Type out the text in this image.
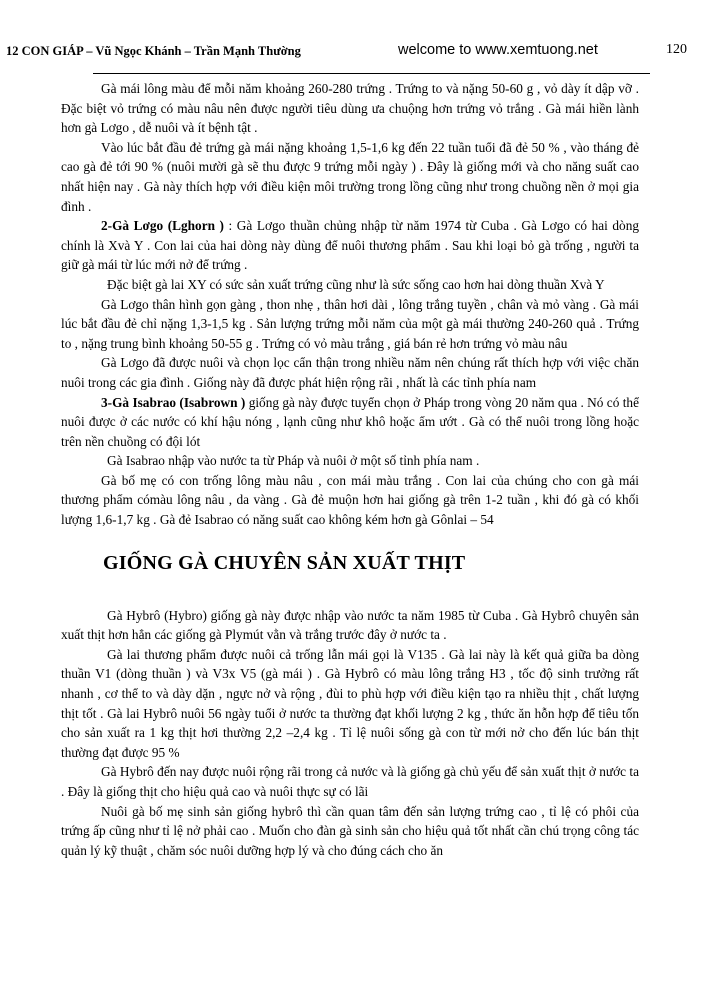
12 CON GIÁP – Vũ Ngọc Khánh – Trần Mạnh Thường	welcome to www.xemtuong.net	120

Gà mái lông màu để mỗi năm khoảng 260-280 trứng . Trứng to và nặng 50-60 g , vỏ dày ít dập vỡ . Đặc biệt vỏ trứng có màu nâu nên được người tiêu dùng ưa chuộng hơn trứng vỏ trắng . Gà mái hiền lành hơn gà Lơgo , dễ nuôi và ít bệnh tật .

Vào lúc bắt đầu đẻ trứng gà mái nặng khoảng 1,5-1,6 kg đến 22 tuần tuổi đã đẻ 50 % , vào tháng đẻ cao gà đẻ tới 90 % (nuôi mười gà sẽ thu được 9 trứng mỗi ngày ) . Đây là giống mới và cho năng suất cao nhất hiện nay . Gà này thích hợp với điều kiện môi trường trong lồng cũng như trong chuồng nền ở mọi gia đình .

2-Gà Lơgo (Lghorn ) : Gà Lơgo thuần chủng nhập từ năm 1974 từ Cuba . Gà Lơgo có hai dòng chính là Xvà Y . Con lai của hai dòng này dùng để nuôi thương phẩm . Sau khi loại bỏ gà trống , người ta giữ gà mái từ lúc mới nở để trứng .

Đặc biệt gà lai XY có sức sản xuất trứng cũng như là sức sống cao hơn hai dòng thuần Xvà Y

Gà Lơgo thân hình gọn gàng , thon nhẹ , thân hơi dài , lông trắng tuyền , chân và mỏ vàng . Gà mái lúc bắt đầu đẻ chỉ nặng 1,3-1,5 kg . Sản lượng trứng mỗi năm của một gà mái thường 240-260 quả . Trứng to , nặng trung bình khoảng 50-55 g . Trứng có vỏ màu trắng , giá bán rẻ hơn trứng vỏ màu nâu

Gà Lơgo đã được nuôi và chọn lọc cẩn thận trong nhiều năm nên chúng rất thích hợp với việc chăn nuôi trong các gia đình . Giống này đã được phát hiện rộng rãi , nhất là các tỉnh phía nam

3-Gà Isabrao (Isabrown ) giống gà này được tuyển chọn ở Pháp trong vòng 20 năm qua . Nó có thể nuôi được ở các nước có khí hậu nóng , lạnh cũng như khô hoặc ẩm ướt . Gà có thể nuôi trong lồng hoặc trên nền chuồng có đội lót

Gà Isabrao nhập vào nước ta từ Pháp và nuôi ở một số tỉnh phía nam .

Gà bố mẹ có con trống lông màu nâu , con mái màu trắng . Con lai của chúng cho con gà mái thương phẩm cómàu lông nâu , da vàng . Gà đẻ muộn hơn hai giống gà trên 1-2 tuần , khi đó gà có khối lượng 1,6-1,7 kg . Gà đẻ Isabrao có năng suất cao không kém hơn gà Gônlai – 54

GIỐNG GÀ CHUYÊN SẢN XUẤT THỊT

Gà Hybrô (Hybro) giống gà này được nhập vào nước ta năm 1985 từ Cuba . Gà Hybrô chuyên sản xuất thịt hơn hẳn các giống gà Plymút vằn và trắng trước đây ở nước ta .

Gà lai thương phẩm được nuôi cả trống lẫn mái gọi là V135 . Gà lai này là kết quả giữa ba dòng thuần V1 (dòng thuần ) và V3x V5 (gà mái ) . Gà Hybrô có màu lông trắng H3 , tốc độ sinh trưởng rất nhanh , cơ thể to và dày dặn , ngực nở và rộng , đùi to phù hợp với điều kiện tạo ra nhiều thịt , chất lượng thịt tốt . Gà lai Hybrô nuôi 56 ngày tuổi ở nước ta thường đạt khối lượng 2 kg , thức ăn hỗn hợp để tiêu tốn cho sản xuất ra 1 kg thịt hơi thường 2,2 –2,4 kg . Tỉ lệ nuôi sống gà con từ mới nở cho đến lúc bán thịt thường đạt được 95 %

Gà Hybrô đến nay được nuôi rộng rãi trong cả nước và là giống gà chủ yếu để sản xuất thịt ở nước ta . Đây là giống thịt cho hiệu quả cao và nuôi thực sự có lãi

Nuôi gà bố mẹ sinh sản giống hybrô thì cần quan tâm đến sản lượng trứng cao , tỉ lệ có phôi của trứng ấp cũng như tỉ lệ nở phải cao . Muốn cho đàn gà sinh sản cho hiệu quả tốt nhất cần chú trọng công tác quản lý kỹ thuật , chăm sóc nuôi dưỡng hợp lý và cho đúng cách cho ăn
